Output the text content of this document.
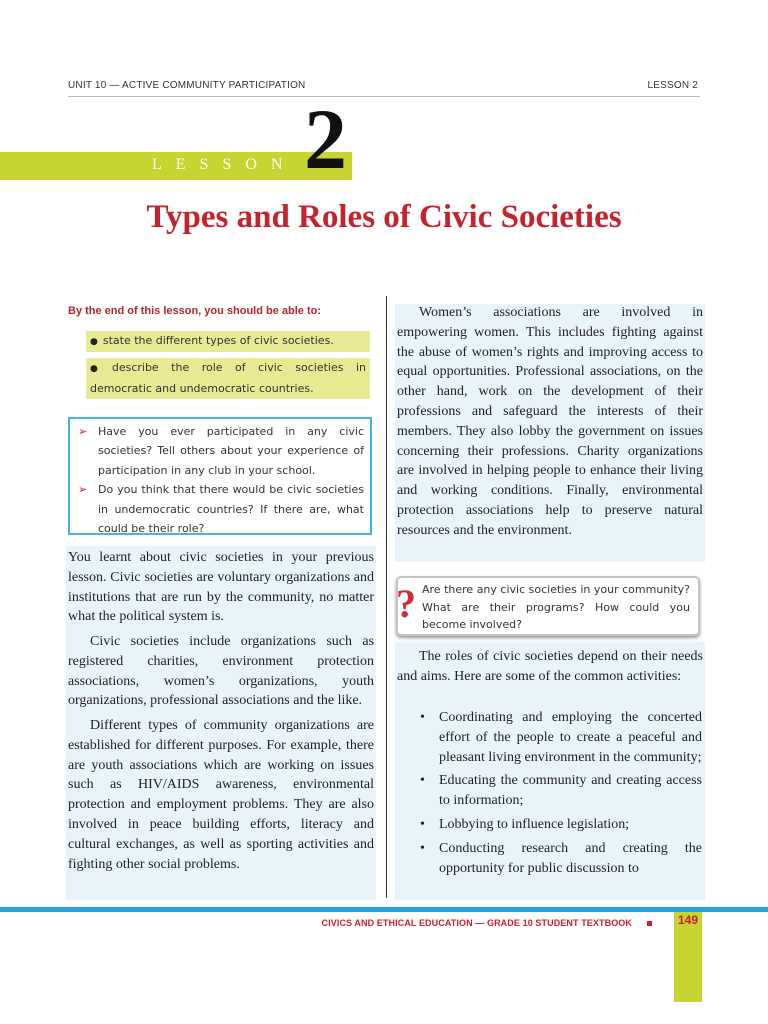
UNIT 10 — ACTIVE COMMUNITY PARTICIPATION	LESSON 2
LESSON 2
Types and Roles of Civic Societies
By the end of this lesson, you should be able to:
● state the different types of civic societies.
● describe the role of civic societies in democratic and undemocratic countries.
➢ Have you ever participated in any civic societies? Tell others about your experience of participation in any club in your school.
➢ Do you think that there would be civic societies in undemocratic countries? If there are, what could be their role?

You learnt about civic societies in your previous lesson. Civic societies are voluntary organizations and institutions that are run by the community, no matter what the political system is.

Civic societies include organizations such as registered charities, environment protection associations, women’s organizations, youth organizations, professional associations and the like.

Different types of community organizations are established for different purposes. For example, there are youth associations which are working on issues such as HIV/AIDS awareness, environmental protection and employment problems. They are also involved in peace building efforts, literacy and cultural exchanges, as well as sporting activities and fighting other social problems.

Women’s associations are involved in empowering women. This includes fighting against the abuse of women’s rights and improving access to equal opportunities. Professional associations, on the other hand, work on the development of their professions and safeguard the interests of their members. They also lobby the government on issues concerning their professions. Charity organizations are involved in helping people to enhance their living and working conditions. Finally, environmental protection associations help to preserve natural resources and the environment.

Are there any civic societies in your community? What are their programs? How could you become involved?
?

The roles of civic societies depend on their needs and aims. Here are some of the common activities:

• Coordinating and employing the concerted effort of the people to create a peaceful and pleasant living environment in the community;
• Educating the community and creating access to information;
• Lobbying to influence legislation;
• Conducting research and creating the opportunity for public discussion to
CIVICS AND ETHICAL EDUCATION — GRADE 10 STUDENT TEXTBOOK	149
